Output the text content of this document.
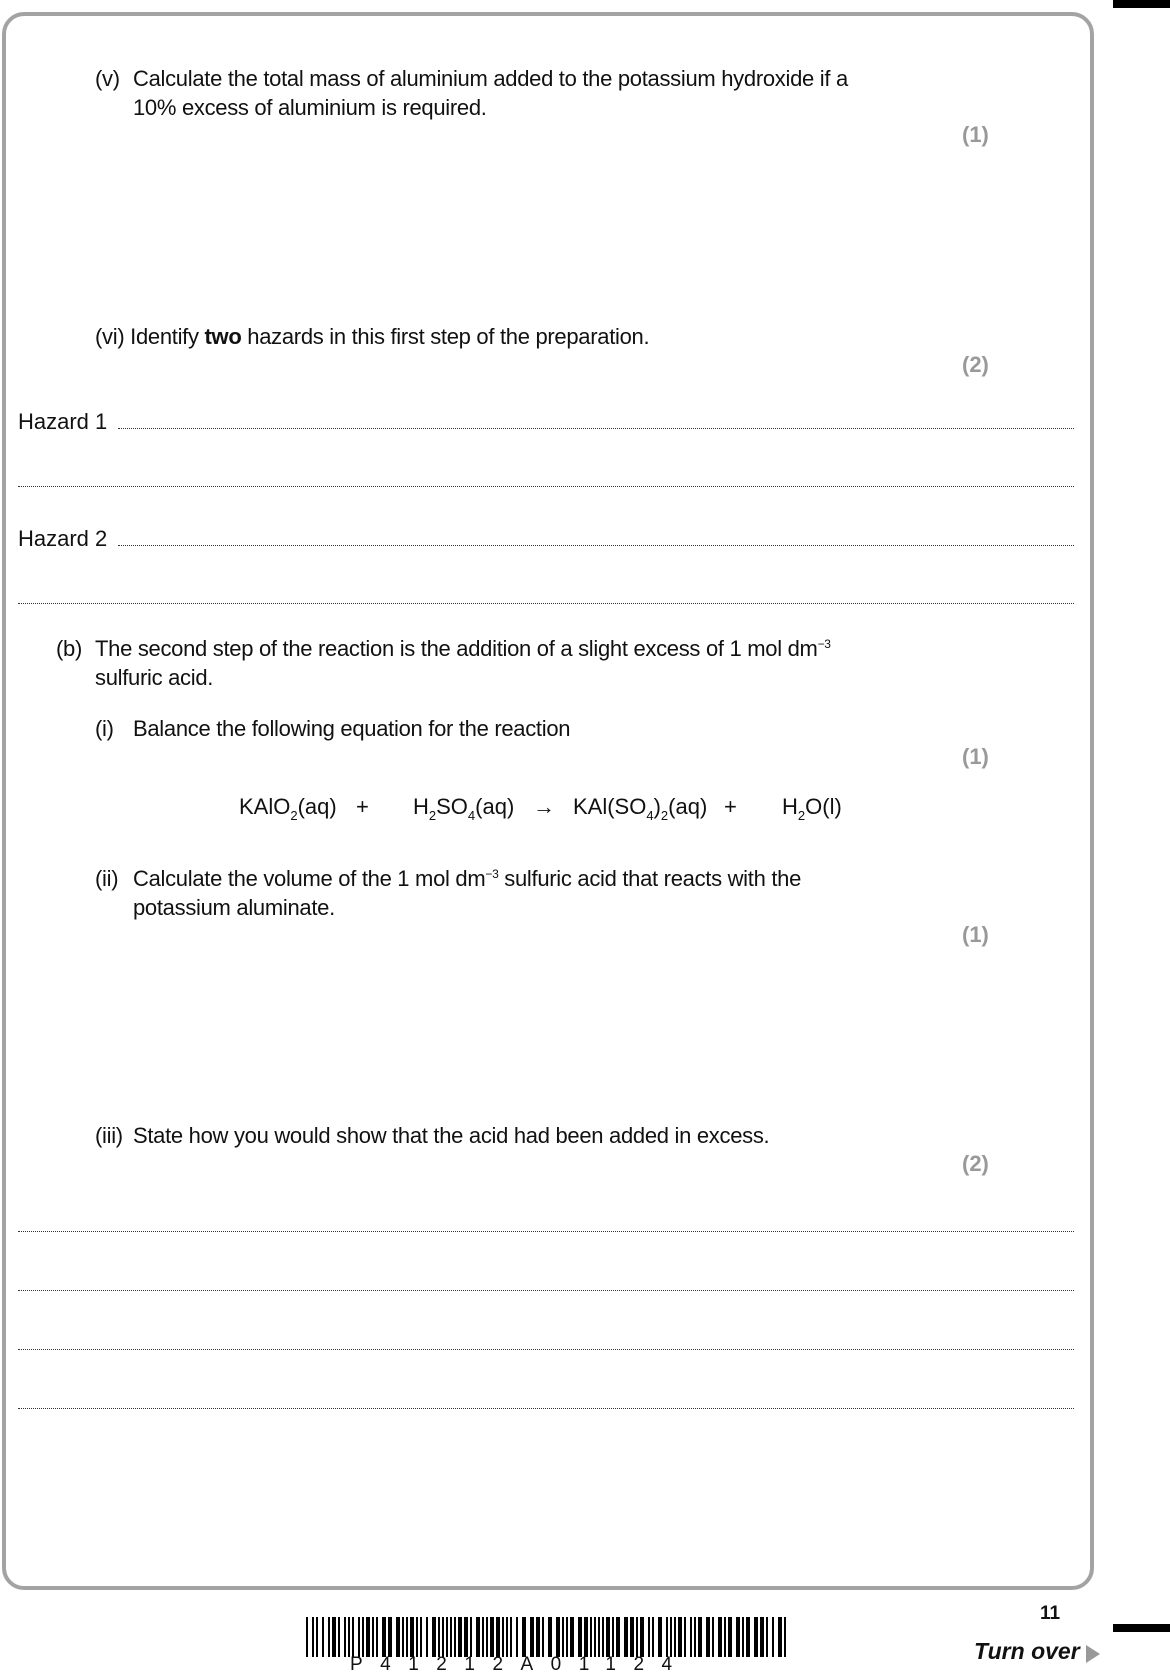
(v) Calculate the total mass of aluminium added to the potassium hydroxide if a
10% excess of aluminium is required.
(1)
(vi) Identify two hazards in this first step of the preparation.
(2)
Hazard 1
Hazard 2
(b) The second step of the reaction is the addition of a slight excess of 1 mol $dm^{-3}$
sulfuric acid.
(i) Balance the following equation for the reaction
(1)
KAlO$_2$(aq) + $H_2SO_4(aq) \to KAl(SO_4)_2(aq) + H_2O(l)$
(ii) Calculate the volume of the 1 mol $dm^{-3}$ sulfuric acid that reacts with the
potassium aluminate.
(1)
(iii) State how you would show that the acid had been added in excess.
(2)
P41212A01124
11
Turn over
